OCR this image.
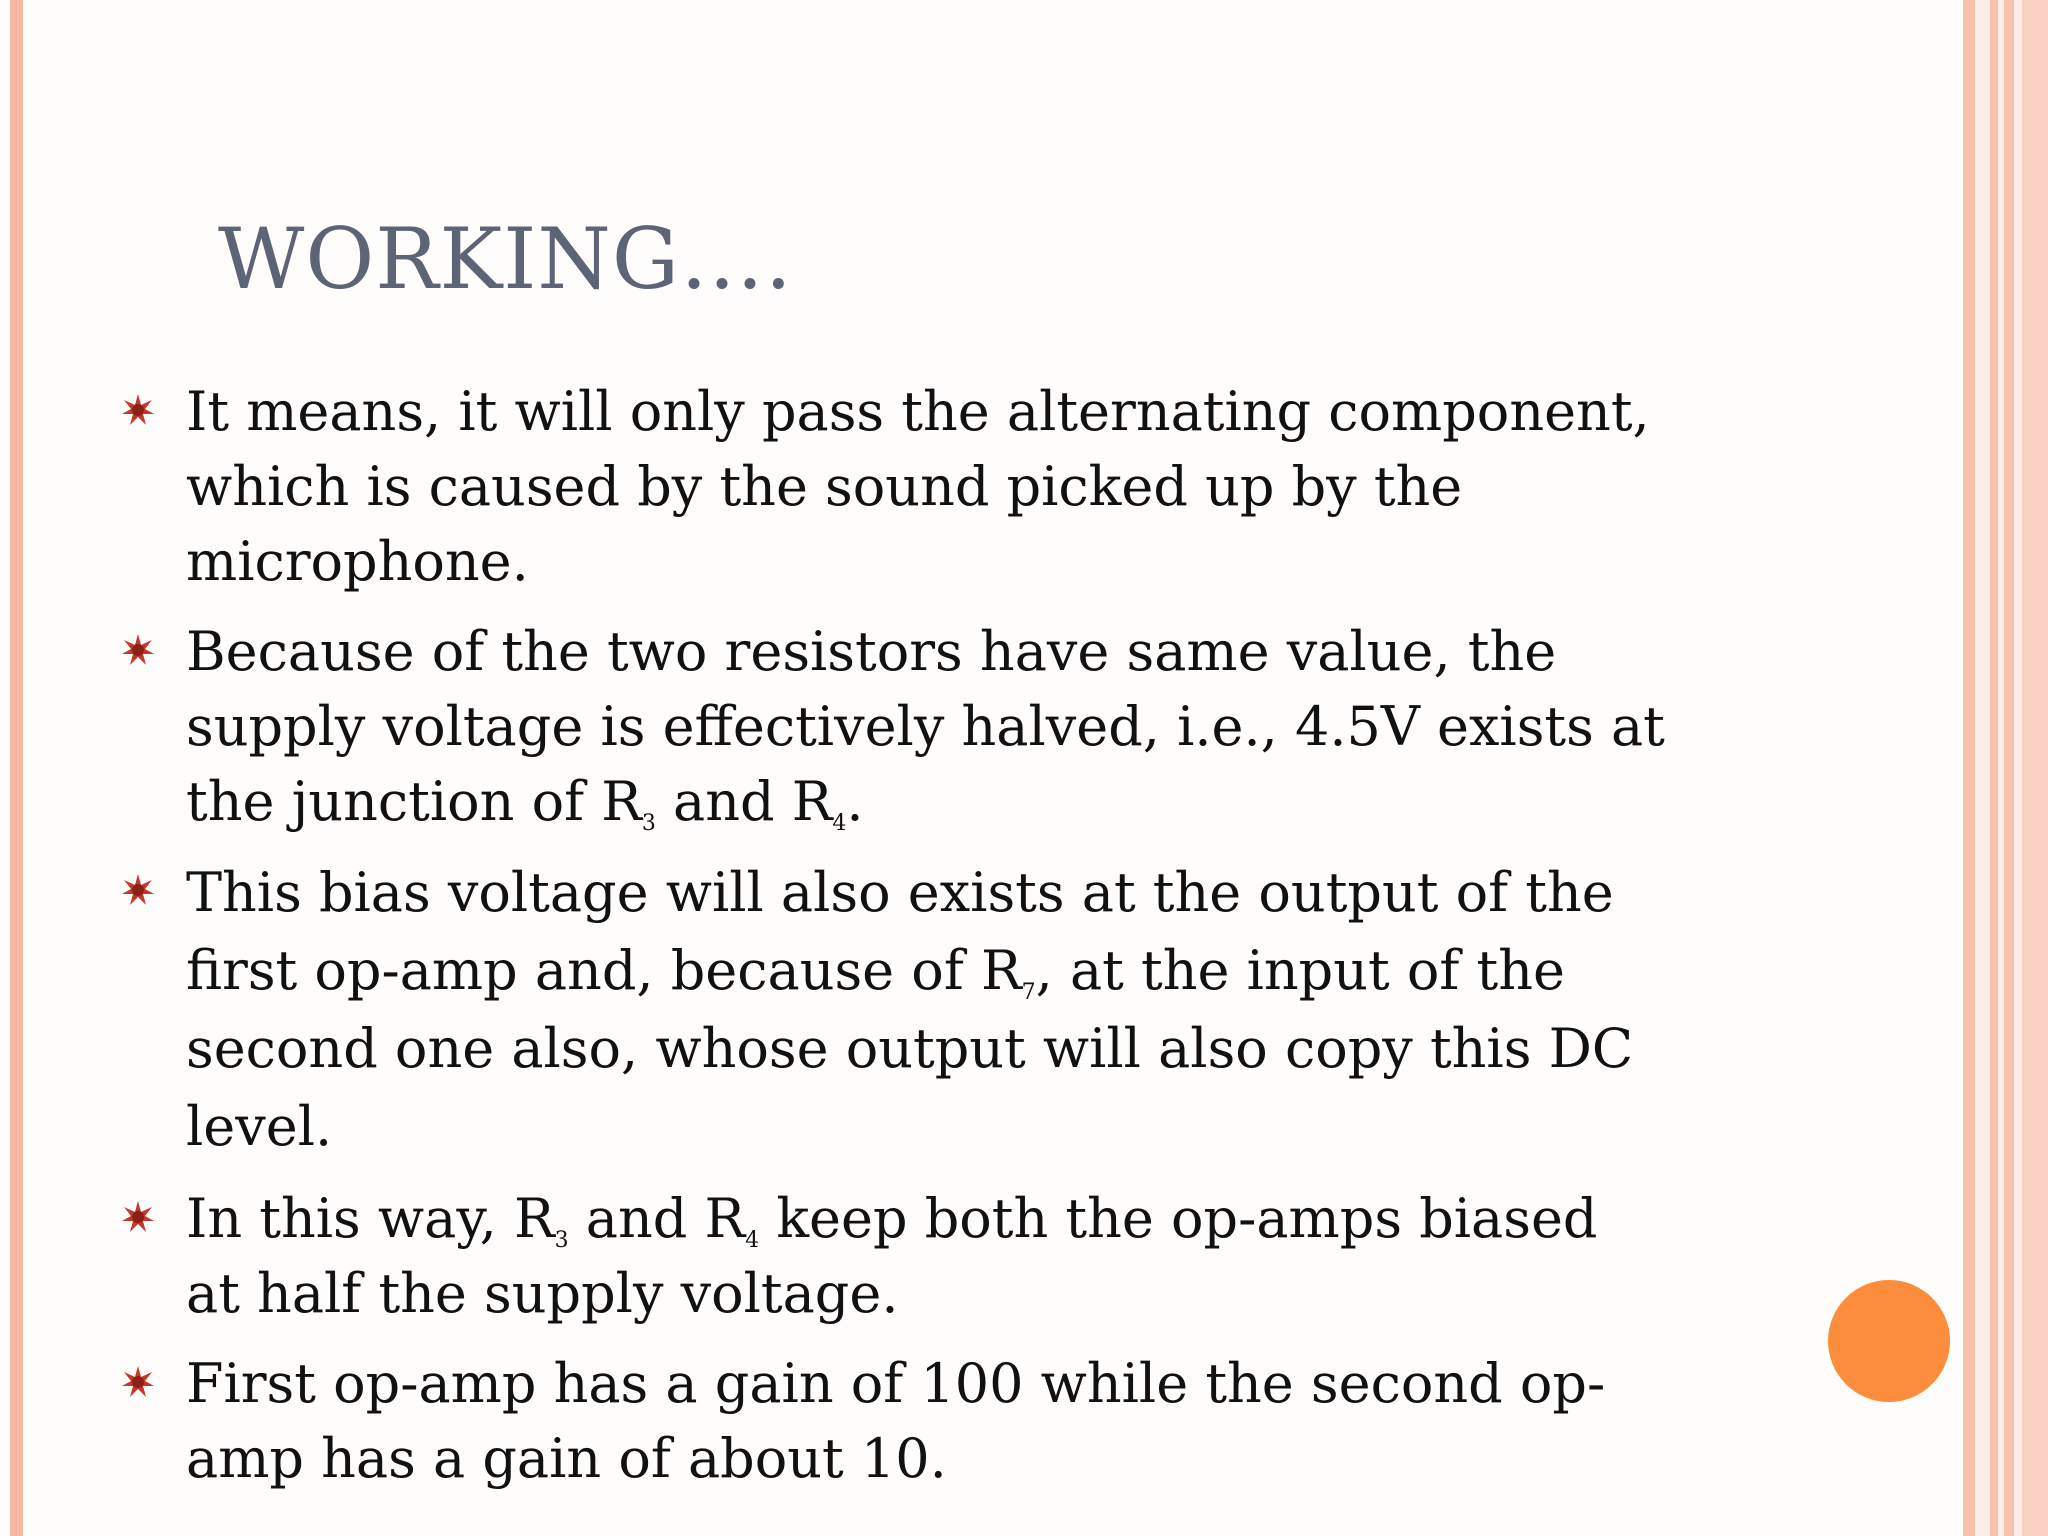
WORKING….
It means, it will only pass the alternating component,
which is caused by the sound picked up by the
microphone.
Because of the two resistors have same value, the
supply voltage is effectively halved, i.e., 4.5V exists at
the junction of $R_3$ and $R_4$.
This bias voltage will also exists at the output of the
first op-amp and, because of $R_7$, at the input of the
second one also, whose output will also copy this DC
level.
In this way, $R_3$ and $R_4$ keep both the op-amps biased
at half the supply voltage.
First op-amp has a gain of 100 while the second op-
amp has a gain of about 10.
